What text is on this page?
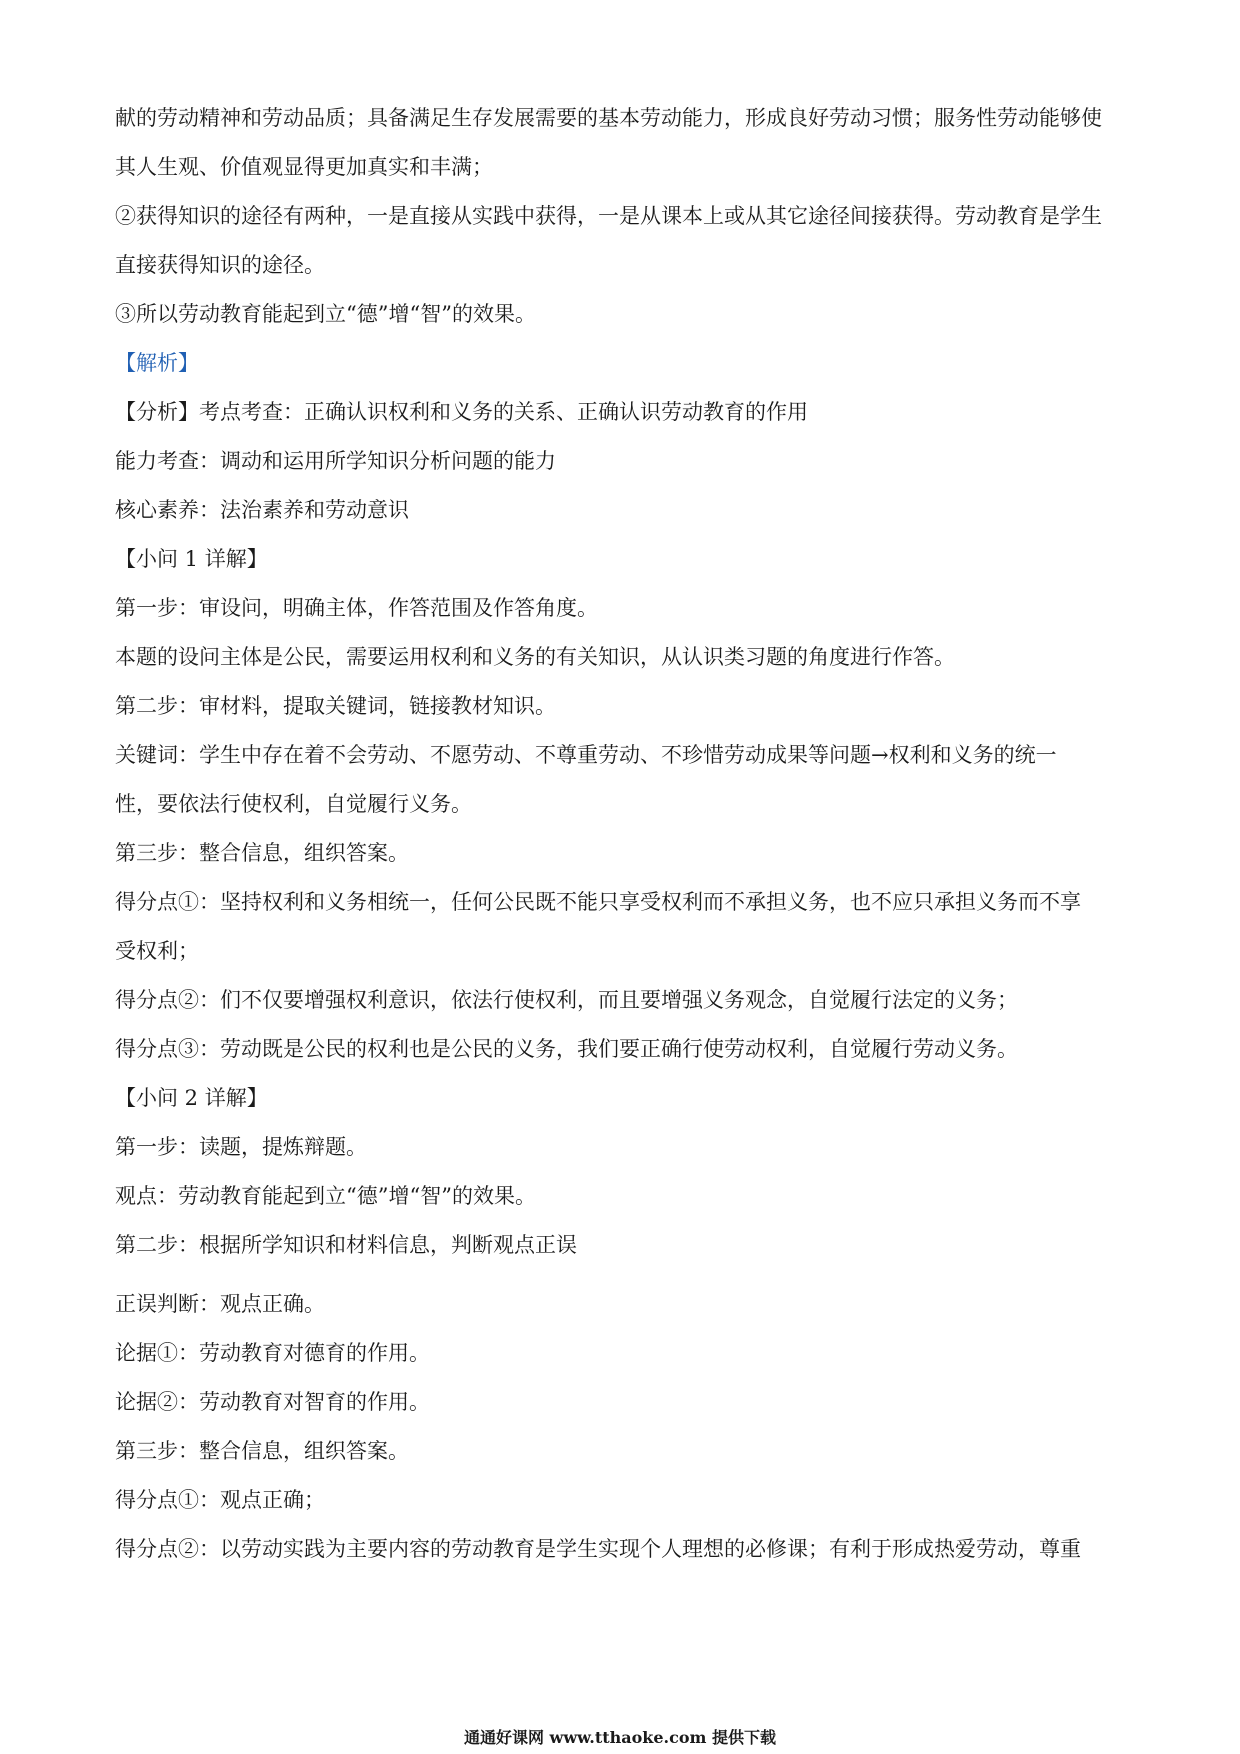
献的劳动精神和劳动品质；具备满足生存发展需要的基本劳动能力，形成良好劳动习惯；服务性劳动能够使
其人生观、价值观显得更加真实和丰满；
②获得知识的途径有两种，一是直接从实践中获得，一是从课本上或从其它途径间接获得。劳动教育是学生
直接获得知识的途径。
③所以劳动教育能起到立“德”增“智”的效果。
【解析】
【分析】考点考查：正确认识权利和义务的关系、正确认识劳动教育的作用
能力考查：调动和运用所学知识分析问题的能力
核心素养：法治素养和劳动意识
【小问 1 详解】
第一步：审设问，明确主体，作答范围及作答角度。
本题的设问主体是公民，需要运用权利和义务的有关知识，从认识类习题的角度进行作答。
第二步：审材料，提取关键词，链接教材知识。
关键词：学生中存在着不会劳动、不愿劳动、不尊重劳动、不珍惜劳动成果等问题→权利和义务的统一
性，要依法行使权利，自觉履行义务。
第三步：整合信息，组织答案。
得分点①：坚持权利和义务相统一，任何公民既不能只享受权利而不承担义务，也不应只承担义务而不享
受权利；
得分点②：们不仅要增强权利意识，依法行使权利，而且要增强义务观念，自觉履行法定的义务；
得分点③：劳动既是公民的权利也是公民的义务，我们要正确行使劳动权利，自觉履行劳动义务。
【小问 2 详解】
第一步：读题，提炼辩题。
观点：劳动教育能起到立“德”增“智”的效果。
第二步：根据所学知识和材料信息，判断观点正误
正误判断：观点正确。
论据①：劳动教育对德育的作用。
论据②：劳动教育对智育的作用。
第三步：整合信息，组织答案。
得分点①：观点正确；
得分点②：以劳动实践为主要内容的劳动教育是学生实现个人理想的必修课；有利于形成热爱劳动，尊重
通通好课网 www.tthaoke.com 提供下载
